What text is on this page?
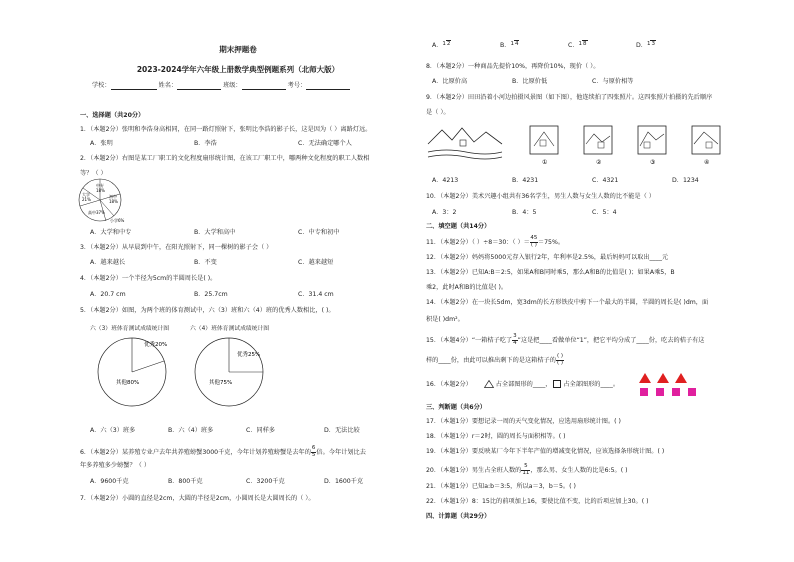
期末押题卷
2023-2024学年六年级上册数学典型例题系列（北师大版）
学校：	姓名：	班级：	考号：
一、选择题（共20分）
1．（本题2分）张明和李浩身高相同，在同一路灯照射下，张明比李浩的影子长，这是因为（ ）离路灯远。
A．张明	B．李浩	C．无法确定哪个人
2．（本题2分）右图是某工厂职工的文化程度扇形统计图，在该工厂职工中，哪两种文化程度的职工人数相
等？（ ）
中专
18%
大学
21%
初中
18%
高中37%
小学6%
A．大学和中专	B．大学和高中	C．中专和初中
3．（本题2分）从早晨到中午，在阳光照射下，同一棵树的影子会（ ）
A．越来越长	B．不变	C．越来越短
4．（本题2分）一个半径为5cm的半圆周长是( )。
A．20.7 cm	B．25.7cm	C．31.4 cm
5．（本题2分）如图，为两个班的体育测试中，六（3）班和六（4）班的优秀人数相比，( )。
六（3）班体育测试成绩统计图	六（4）班体育测试成绩统计图
优秀20%
其他80%
优秀25%
其他75%
A．六（3）班多	B．六（4）班多	C．同样多	D．无法比较
6．（本题2分）某养殖专业户去年共养殖螃蟹3000千克，今年计划养殖螃蟹是去年的 $\frac{6}{5}$ 倍。今年计划比去
年多养殖多少螃蟹？（ ）
A．9600千克	B．800千克	C．3200千克	D．1600千克
7．（本题2分）小圆的直径是2cm，大圆的半径是2cm，小圆周长是大圆周长的（ ）。
A．12	B．14	C．18	D．13
8．（本题2分）一种商品先提价10%，再降价10%，现价（ ）。
A．比原价高	B．比原价低	C．与原价相等
9．（本题2分）田田沿着小河边拍摄风景图（如下图），他连续拍了四张照片。这四张照片拍摄的先后顺序
是（ ）。
①	②	③	④
A．4213	B．4231	C．4321	D．1234
10．（本题2分）美术兴趣小组共有36名学生，男生人数与女生人数的比不能是（ ）
A．3：2	B．4：5	C．5：4
二、填空题（共14分）
11．（本题2分）（ ）÷8＝30：（ ）＝ $\frac{45}{( )} =75\%$。
12．（本题2分）妈妈将5000元存入银行2年，年利率是2.5%，最后妈妈可以取出____元
13．（本题2分）已知A:B＝2:5，如果A和B同时乘5，那么A和B的比值是( )；如果A乘5，B
乘2，此时A和B的比值是( )。
14．（本题2分）在一块长5dm，宽3dm的长方形铁皮中剪下一个最大的半圆，半圆的周长是( )dm，面
积是( )dm²。
15．（本题4分）“一箱桔子吃了 $\frac{3}{4}$ ”这是把____看做单位“1”，把它平均分成了____份，吃去的桔子有这
样的____份，由此可以推出剩下的是这箱桔子的 $\frac{( )}{( )}$
16．（本题2分）	占全部图形的____， 占全部图形的____。
三、判断题（共6分）
17．（本题1分）要想记录一周的天气变化情况，应选用扇形统计图。( )
18．（本题1分）r＝2时，圆的周长与面积相等。( )
19．（本题1分）要反映某厂今年下半年产值的增减变化情况，应该选择条形统计图。( )
20．（本题1分）男生占全班人数的 $\frac{5}{11}$ ，那么男、女生人数的比是6:5。( )
21．（本题1分）已知a:b＝3:5，所以a＝3，b＝5。( )
22．（本题1分）8：15比的前项加上16，要使比值不变，比的后项应加上30。( )
四、计算题（共29分）
